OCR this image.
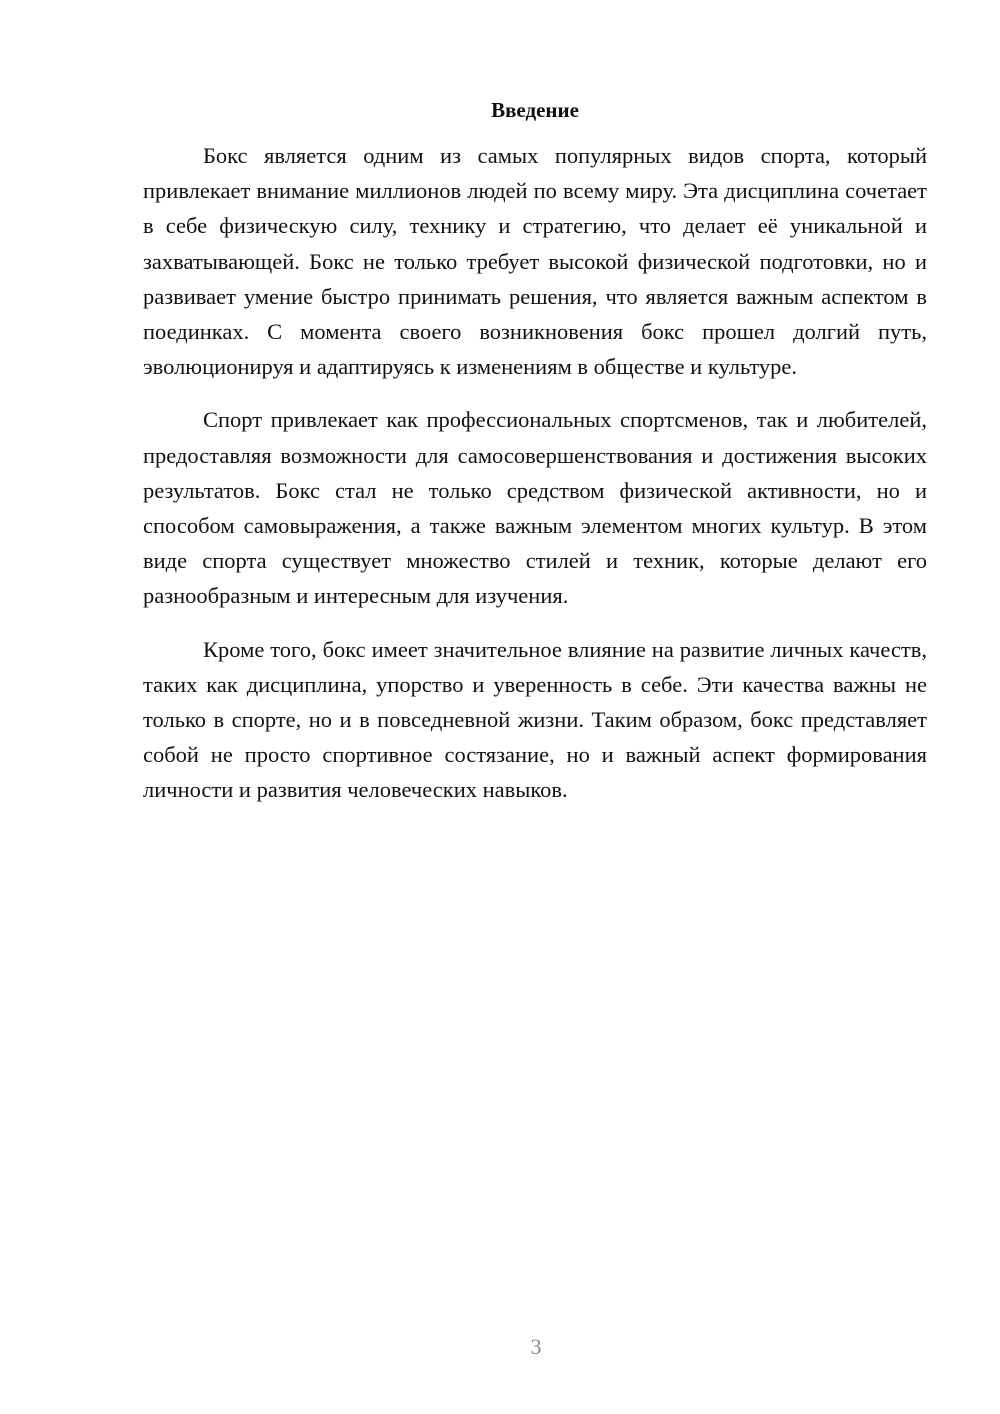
Введение

Бокс является одним из самых популярных видов спорта, который привлекает внимание миллионов людей по всему миру. Эта дисциплина сочетает в себе физическую силу, технику и стратегию, что делает её уникальной и захватывающей. Бокс не только требует высокой физической подготовки, но и развивает умение быстро принимать решения, что является важным аспектом в поединках. С момента своего возникновения бокс прошел долгий путь, эволюционируя и адаптируясь к изменениям в обществе и культуре.

Спорт привлекает как профессиональных спортсменов, так и любителей, предоставляя возможности для самосовершенствования и достижения высоких результатов. Бокс стал не только средством физической активности, но и способом самовыражения, а также важным элементом многих культур. В этом виде спорта существует множество стилей и техник, которые делают его разнообразным и интересным для изучения.

Кроме того, бокс имеет значительное влияние на развитие личных качеств, таких как дисциплина, упорство и уверенность в себе. Эти качества важны не только в спорте, но и в повседневной жизни. Таким образом, бокс представляет собой не просто спортивное состязание, но и важный аспект формирования личности и развития человеческих навыков.

3
